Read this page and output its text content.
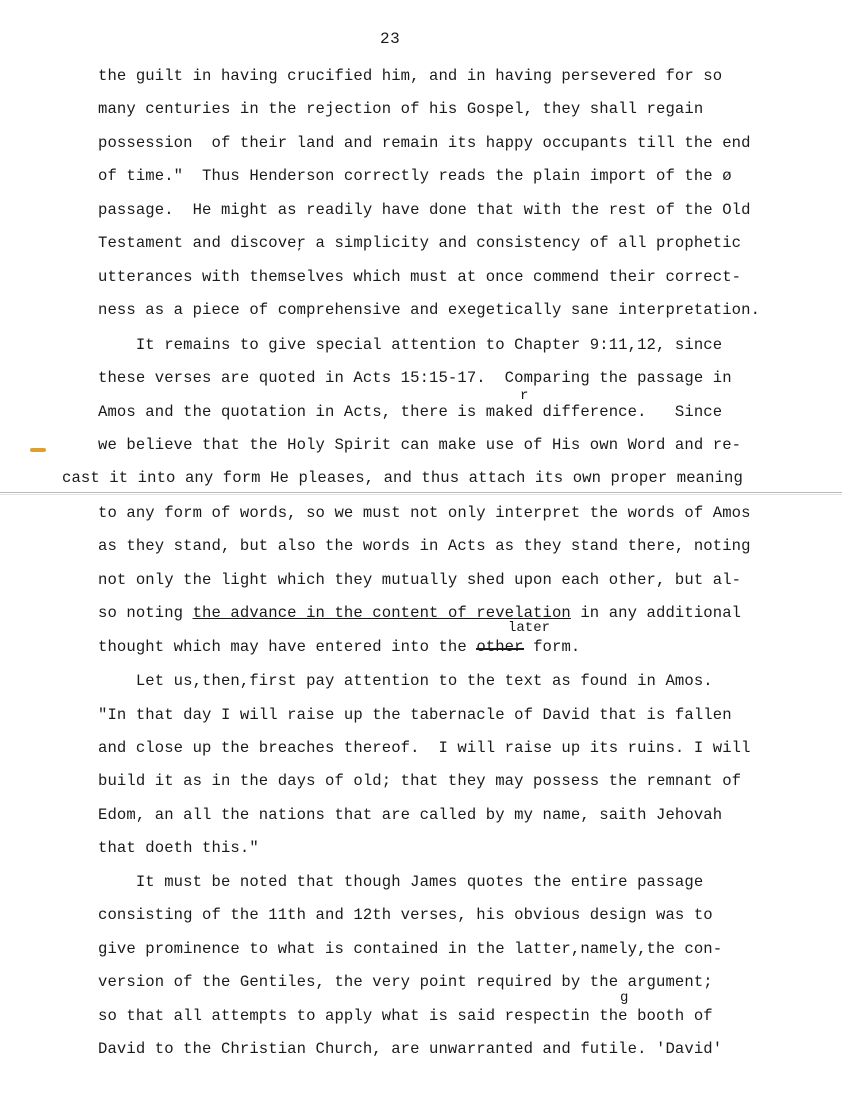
23
the guilt in having crucified him, and in having persevered for so
many centuries in the rejection of his Gospel, they shall regain
possession  of their land and remain its happy occupants till the end
of time."  Thus Henderson correctly reads the plain import of the ø
passage.  He might as readily have done that with the rest of the Old
Testament and discoveŗ a simplicity and consistency of all prophetic
utterances with themselves which must at once commend their correct-
ness as a piece of comprehensive and exegetically sane interpretation.
It remains to give special attention to Chapter 9:11,12, since
these verses are quoted in Acts 15:15-17.  Comparing the passage in
r
Amos and the quotation in Acts, there is maked difference.   Since
we believe that the Holy Spirit can make use of His own Word and re-
cast it into any form He pleases, and thus attach its own proper meaning
to any form of words, so we must not only interpret the words of Amos
as they stand, but also the words in Acts as they stand there, noting
not only the light which they mutually shed upon each other, but al-
so noting the advance in the content of revelation in any additional
later
thought which may have entered into the other form.
Let us,then,first pay attention to the text as found in Amos.
"In that day I will raise up the tabernacle of David that is fallen
and close up the breaches thereof.  I will raise up its ruins. I will
build it as in the days of old; that they may possess the remnant of
Edom, an all the nations that are called by my name, saith Jehovah
that doeth this."
It must be noted that though James quotes the entire passage
consisting of the 11th and 12th verses, his obvious design was to
give prominence to what is contained in the latter,namely,the con-
version of the Gentiles, the very point required by the argument;
g
so that all attempts to apply what is said respectin the booth of
David to the Christian Church, are unwarranted and futile. 'David'
